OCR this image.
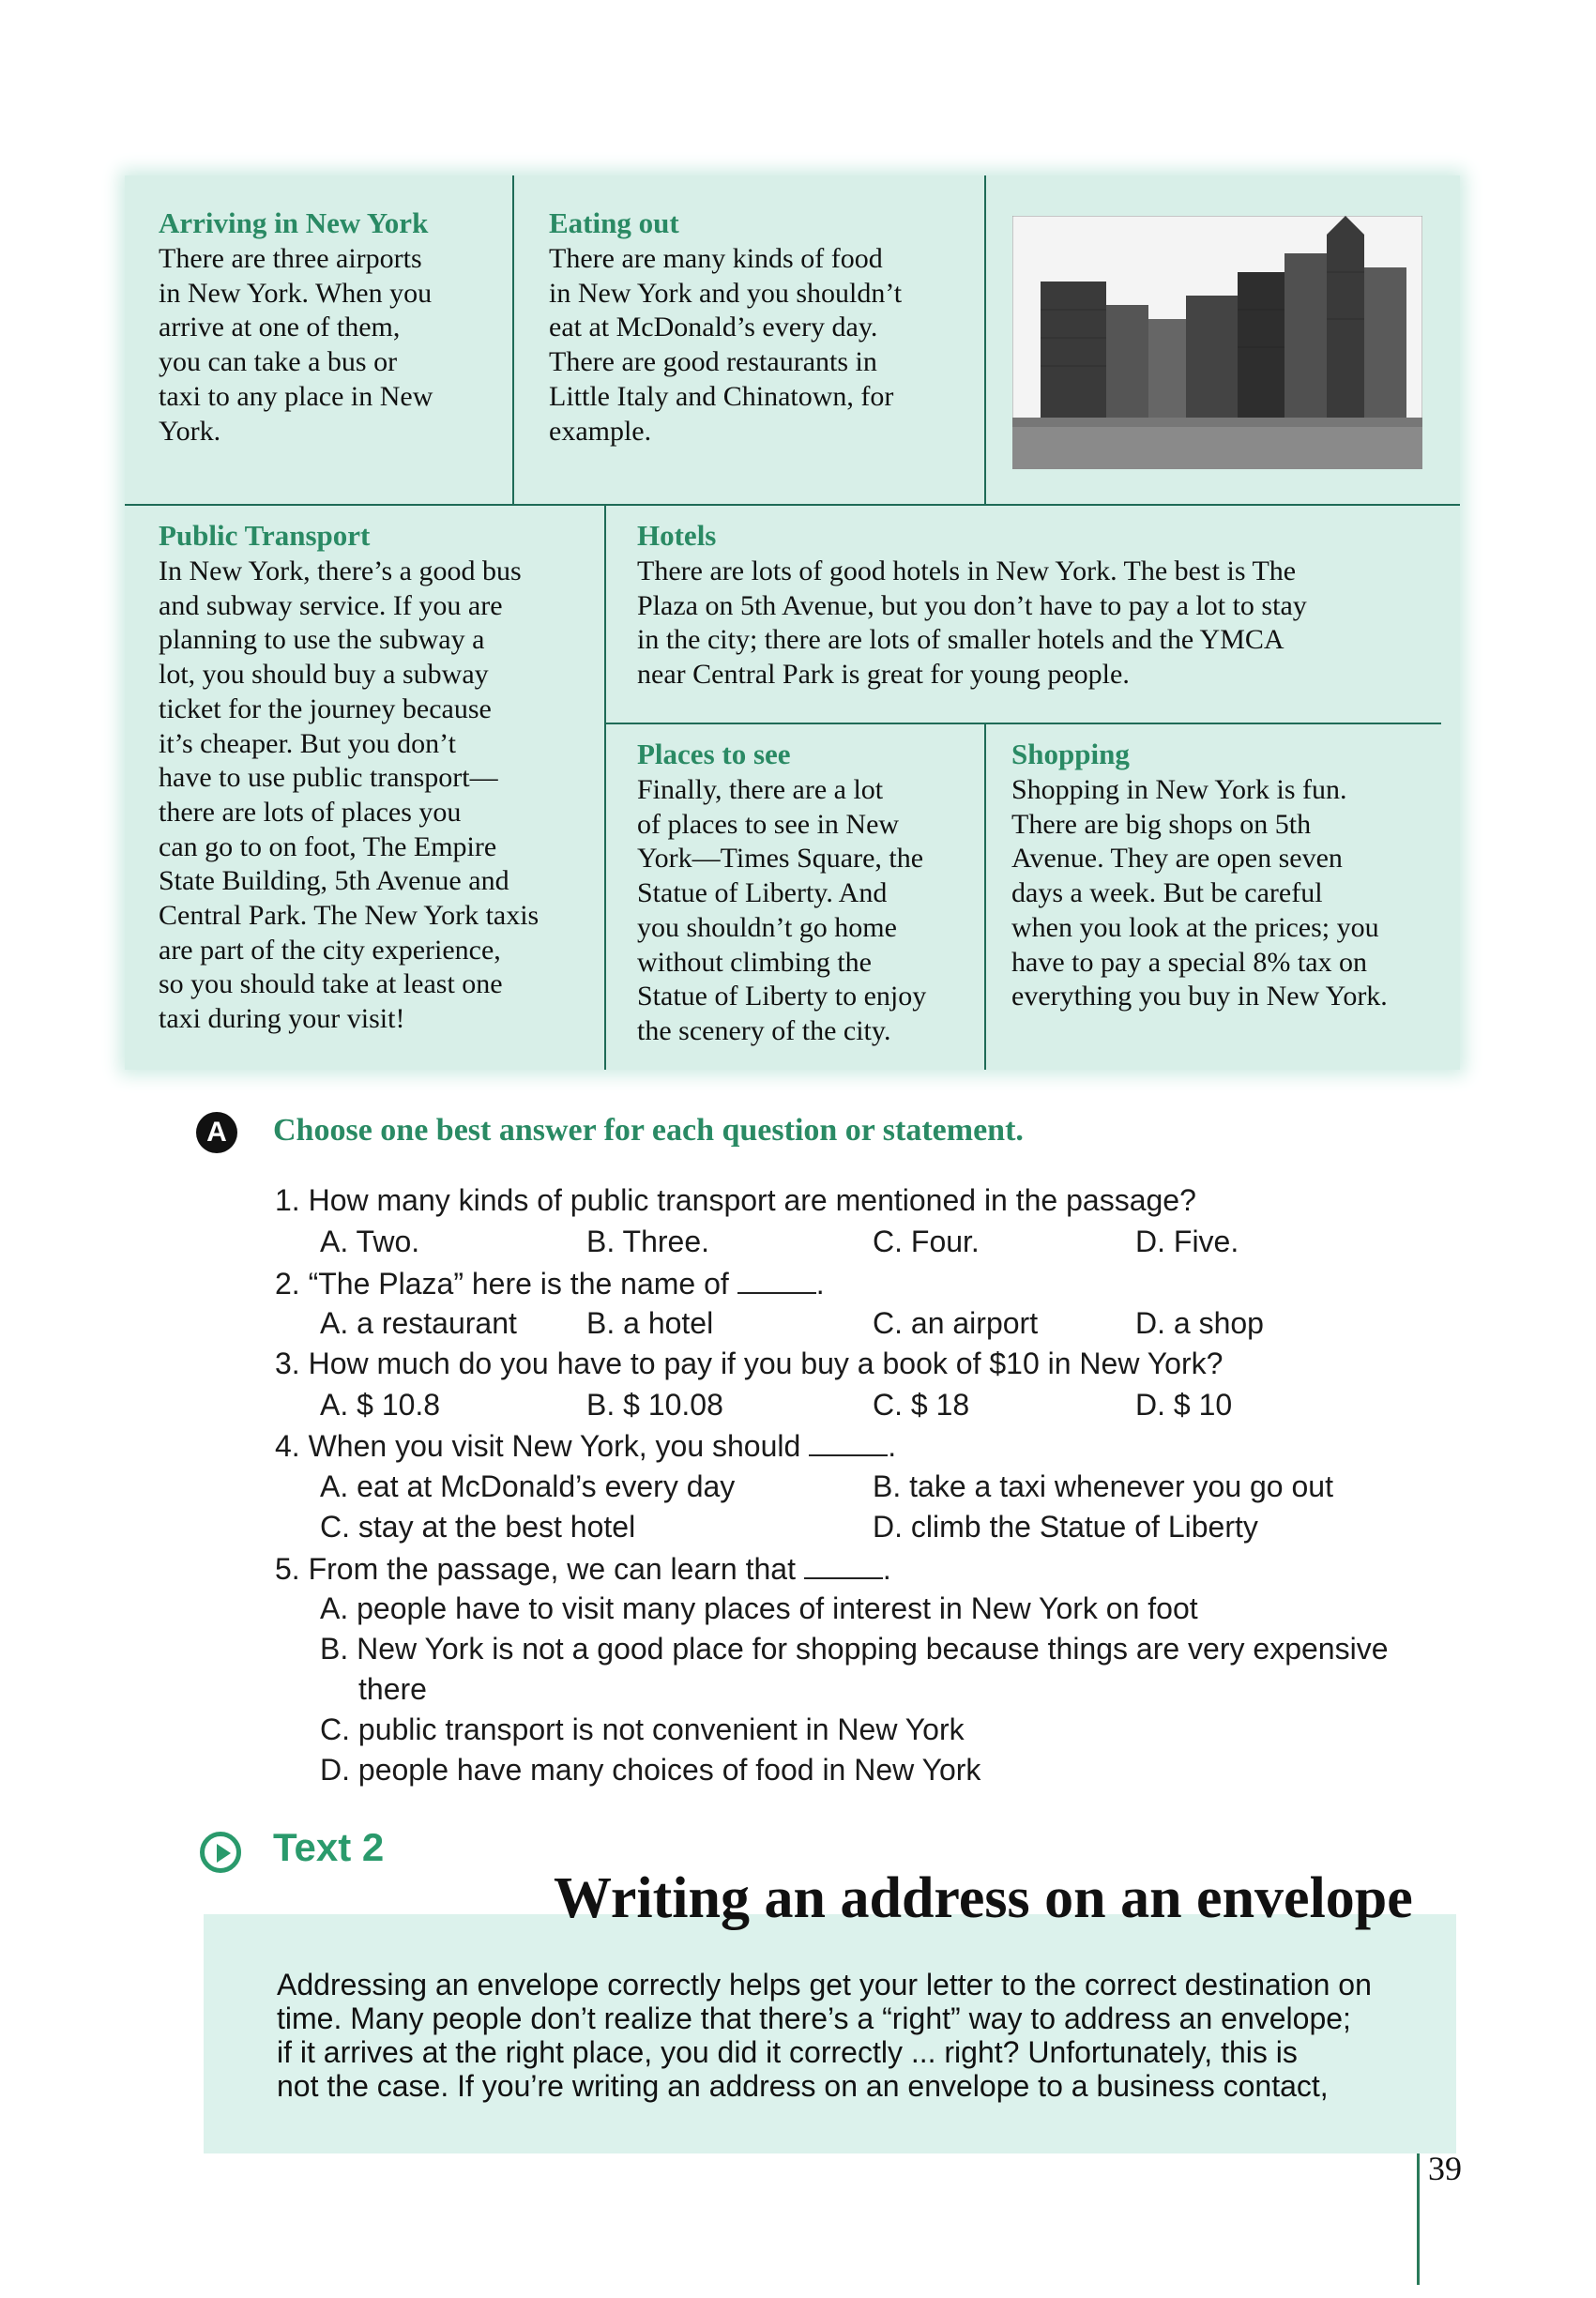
Arriving in New York
There are three airports
in New York. When you
arrive at one of them,
you can take a bus or
taxi to any place in New
York.
Eating out
There are many kinds of food
in New York and you shouldn’t
eat at McDonald’s every day.
There are good restaurants in
Little Italy and Chinatown, for
example.
Public Transport
In New York, there’s a good bus
and subway service. If you are
planning to use the subway a
lot, you should buy a subway
ticket for the journey because
it’s cheaper. But you don’t
have to use public transport—
there are lots of places you
can go to on foot, The Empire
State Building, 5th Avenue and
Central Park. The New York taxis
are part of the city experience,
so you should take at least one
taxi during your visit!
Hotels
There are lots of good hotels in New York. The best is The
Plaza on 5th Avenue, but you don’t have to pay a lot to stay
in the city; there are lots of smaller hotels and the YMCA
near Central Park is great for young people.
Places to see
Finally, there are a lot
of places to see in New
York—Times Square, the
Statue of Liberty. And
you shouldn’t go home
without climbing the
Statue of Liberty to enjoy
the scenery of the city.
Shopping
Shopping in New York is fun.
There are big shops on 5th
Avenue. They are open seven
days a week. But be careful
when you look at the prices; you
have to pay a special 8% tax on
everything you buy in New York.
A	Choose one best answer for each question or statement.
1. How many kinds of public transport are mentioned in the passage?
A. Two.	B. Three.	C. Four.	D. Five.
2. “The Plaza” here is the name of	.
A. a restaurant B. a hotel	C. an airport	D. a shop
3. How much do you have to pay if you buy a book of $10 in New York?
A. $ 10.8	B. $ 10.08	C. $ 18	D. $ 10
4. When you visit New York, you should	.
A. eat at McDonald’s every day	B. take a taxi whenever you go out
C. stay at the best hotel	D. climb the Statue of Liberty
5. From the passage, we can learn that	.
A. people have to visit many places of interest in New York on foot
B. New York is not a good place for shopping because things are very expensive
there
C. public transport is not convenient in New York
D. people have many choices of food in New York
Text 2
Writing an address on an envelope
Addressing an envelope correctly helps get your letter to the correct destination on
time. Many people don’t realize that there’s a “right” way to address an envelope;
if it arrives at the right place, you did it correctly ... right? Unfortunately, this is
not the case. If you’re writing an address on an envelope to a business contact,
39
